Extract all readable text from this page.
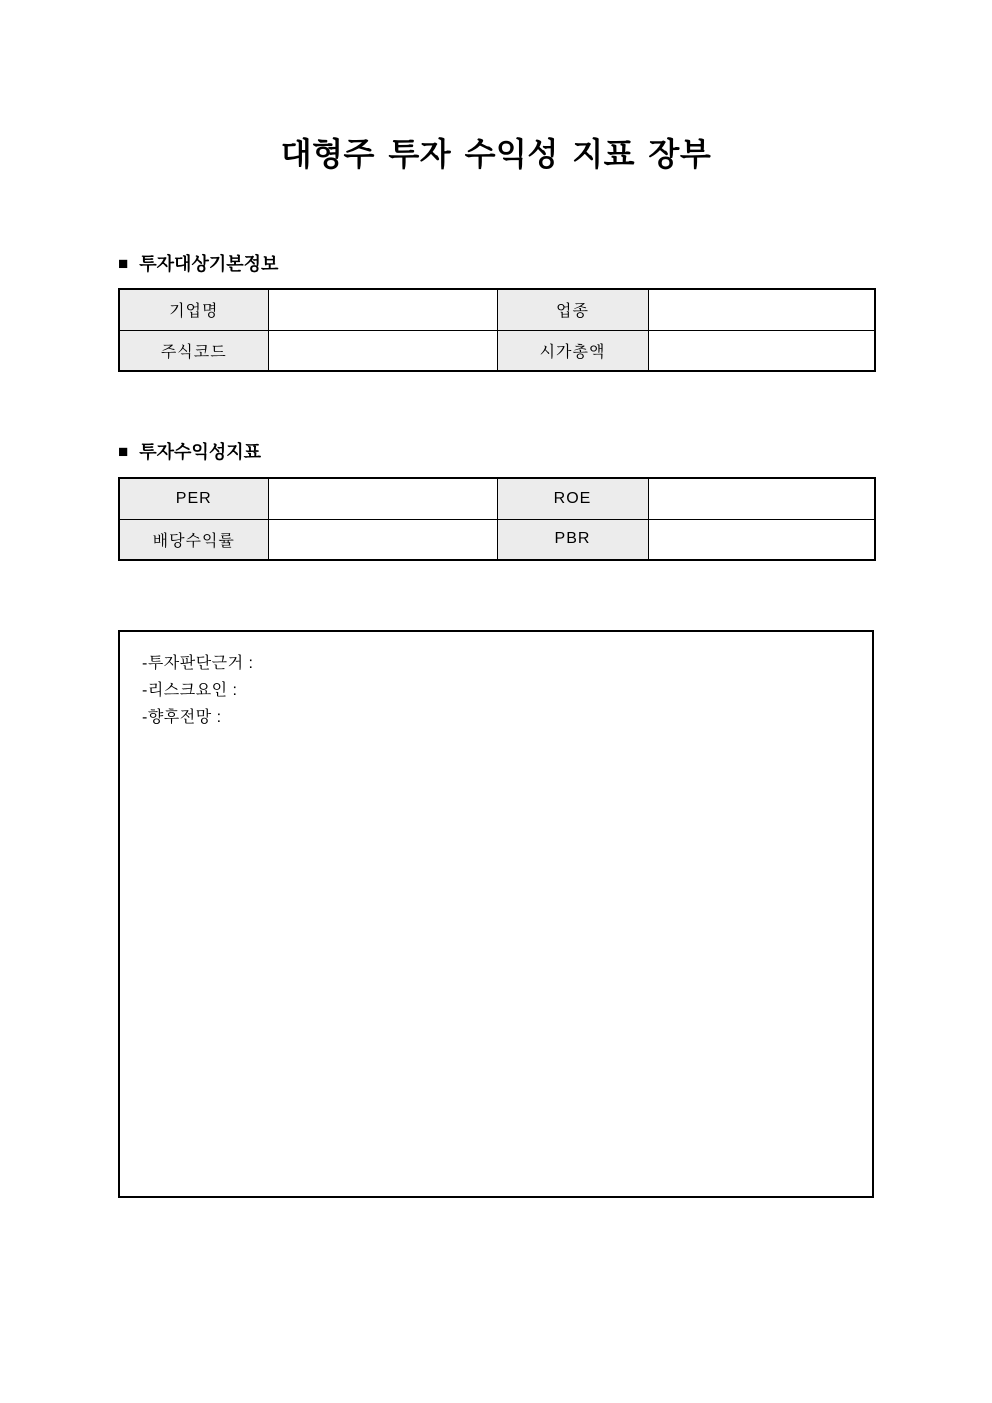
대형주 투자 수익성 지표 장부
■ 투자대상기본정보
기업명		업종	
주식코드		시가총액	
■ 투자수익성지표
PER		ROE	
배당수익률		PBR	

-투자판단근거 :

-리스크요인 :

-향후전망 :
